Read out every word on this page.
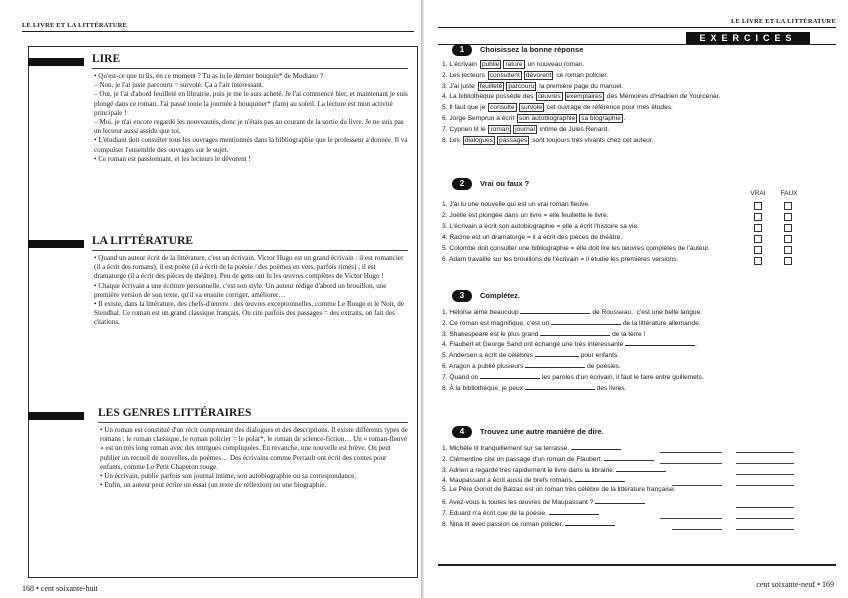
LE LIVRE ET LA LITTÉRATURE
LIRE

• Qu'est-ce que tu lis, en ce moment ? Tu as lu le dernier bouquin* de Modiano ?

– Non, je l'ai juste parcouru = survolé. Ça a l'air intéressant.

– Oui, je l'ai d'abord feuilleté en librairie, puis je me le suis acheté. Je l'ai commencé hier, et maintenant je suis plongé dans ce roman. J'ai passé toute la journée à bouquiner* (fam) au soleil. La lecture est mon activité principale !

– Moi, je n'ai encore regardé les nouveautés, donc je n'étais pas au courant de la sortie du livre. Je ne suis pas un lecteur aussi assidu que toi.

• L'étudiant doit consulter tous les ouvrages mentionnés dans la bibliographie que le professeur a donnée. Il va compulser l'ensemble des ouvrages sur le sujet.

• Ce roman est passionnant, et les lecteurs le dévorent !

LA LITTÉRATURE

• Quand un auteur écrit de la littérature, c'est un écrivain. Victor Hugo est un grand écrivain : il est romancier (il a écrit des romans), il est poète (il a écrit de la poésie / des poèmes en vers, parfois rimés) ; il est dramaturge (il a écrit des pièces de théâtre). Peu de gens ont lu les œuvres complètes de Victor Hugo !

• Chaque écrivain a une écriture personnelle, c'est son style. Un auteur rédige d'abord un brouillon, une première version de son texte, qu'il va ensuite corriger, améliorer…

• Il existe, dans la littérature, des chefs-d'œuvre : des œuvres exceptionnelles, comme Le Rouge et le Noir, de Stendhal. Ce roman est un grand classique français. On cite parfois des passages = des extraits, on fait des citations.

LES GENRES LITTÉRAIRES

• Un roman est constitué d'un récit comprenant des dialogues et des descriptions. Il existe différents types de romans : le roman classique, le roman policier = le polar*, le roman de science-fiction… Un « roman-fleuve » est un très long roman avec des intrigues compliquées. En revanche, une nouvelle est brève. On peut publier un recueil de nouvelles, de poèmes… Des écrivains comme Perrault ont écrit des contes pour enfants, comme Le Petit Chaperon rouge.

• Un écrivain, publie parfois son journal intime, son autobiographie ou sa correspondance.

• Enfin, un auteur peut écrire un essai (un texte de réflexion) ou une biographie.

168 • cent soixante-huit
LE LIVRE ET LA LITTÉRATURE
EXERCICES
1 Choisissez la bonne réponse
1. L'écrivain publie rature un nouveau roman.
2. Les lecteurs consultent dévorent ce roman policier.
3. J'ai juste feuilleté parcouru la première page du manuel.
4. La bibliothèque possède des œuvres exemplaires des Mémoires d'Hadrien de Yourcenar.
5. Il faut que je consulte survole cet ouvrage de référence pour mes études.
6. Jorge Semprun a écrit son autobiographie sa biographie .
7. Cyprien lit le roman journal intime de Jules Renard.
8. Les dialogues passages sont toujours très vivants chez cet auteur.
2 Vrai ou faux ?
VRAI	FAUX
1. J'ai lu une nouvelle qui est un vrai roman fleuve.
2. Joëlle est plongée dans un livre = elle feuillette le livre.
3. L'écrivain a écrit son autobiographie = elle a écrit l'histoire sa vie.
4. Racine est un dramaturge = il a écrit des pièces de théâtre.
5. Colombe doit consulter une bibliographie = elle doit lire les œuvres complètes de l'auteur.
6. Adam travaille sur les brouillons de l'écrivain = il étudie les premières versions.
3 Complétez.
1. Héloïse aime beaucoup	de Rousseau : c'est une belle langue.
2. Ce roman est magnifique, c'est un	de la littérature allemande.
3. Shakespeare est le plus grand	de la terre !
4. Flaubert et George Sand ont échangé une très intéressante	.
5. Andersen a écrit de célèbres	pour enfants.
6. Aragon a publié plusieurs	de poésies.
7. Quand on	les paroles d'un écrivain, il faut le faire entre guillemets.
8. À la bibliothèque, je peux	des livres.
4 Trouvez une autre manière de dire.
1. Michèle lit tranquillement sur sa terrasse.
2. Clémentine cite un passage d'un roman de Flaubert.
3. Adrien a regardé très rapidement le livre dans la librairie.
4. Maupassant a écrit aussi de brefs romans.
5. Le Père Goriot de Balzac est un roman très célèbre de la littérature française.
6. Avez-vous lu toutes les œuvres de Maupassant ?
7. Eduard n'a écrit cue de la poésie.
8. Nina lit avec passion ce roman policier.
cent soixante-neuf • 169
